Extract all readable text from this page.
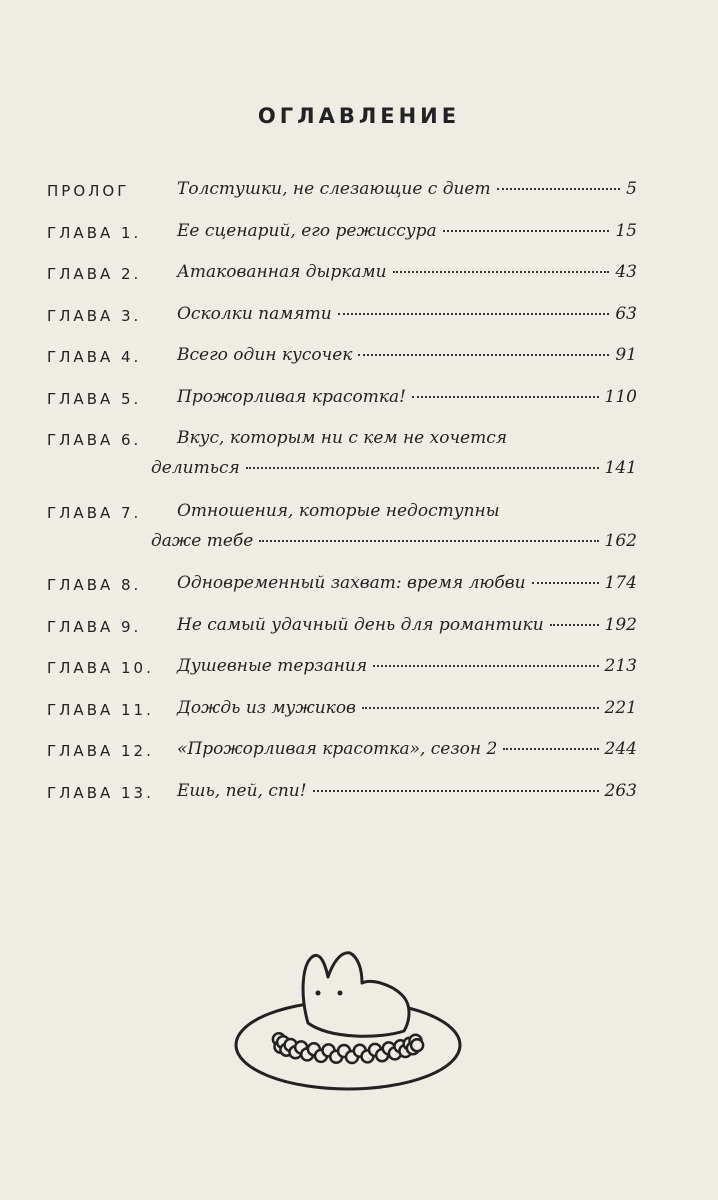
ОГЛАВЛЕНИЕ
ПРОЛОГ	Толстушки, не слезающие с диет	5
ГЛАВА 1. Ее сценарий, его режиссура	15
ГЛАВА 2. Атакованная дырками	43
ГЛАВА 3. Осколки памяти	63
ГЛАВА 4. Всего один кусочек	91
ГЛАВА 5. Прожорливая красотка!	110
ГЛАВА 6. Вкус, которым ни с кем не хочется
делиться	141
ГЛАВА 7. Отношения, которые недоступны
даже тебе	162
ГЛАВА 8. Одновременный захват: время любви	174
ГЛАВА 9. Не самый удачный день для романтики	192
ГЛАВА 10. Душевные терзания	213
ГЛАВА 11. Дождь из мужиков	221
ГЛАВА 12. «Прожорливая красотка», сезон 2	244
ГЛАВА 13. Ешь, пей, спи!	263
